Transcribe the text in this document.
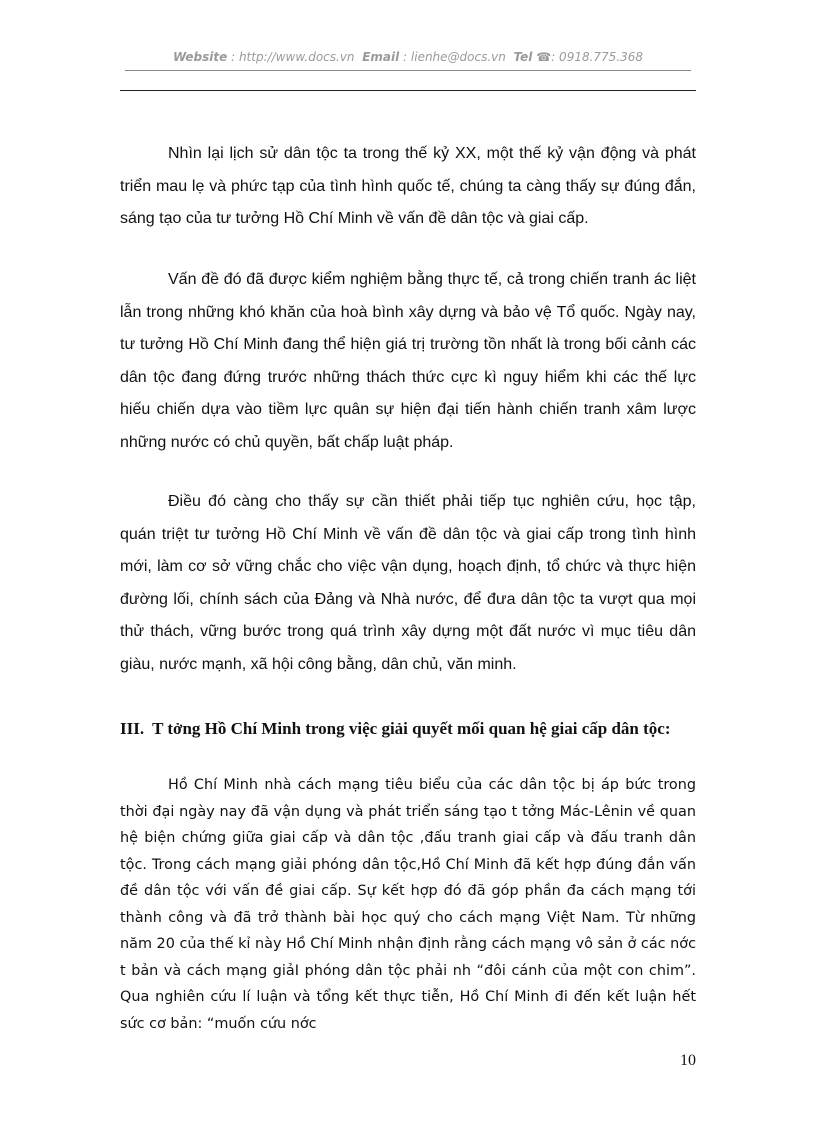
Website : http://www.docs.vn Email : lienhe@docs.vn Tel ☎: 0918.775.368

Nhìn lại lịch sử dân tộc ta trong thế kỷ XX, một thế kỷ vận động và phát triển mau lẹ và phức tạp của tình hình quốc tế, chúng ta càng thấy sự đúng đắn, sáng tạo của tư tưởng Hồ Chí Minh về vấn đề dân tộc và giai cấp.

Vấn đề đó đã được kiểm nghiệm bằng thực tế, cả trong chiến tranh ác liệt lẫn trong những khó khăn của hoà bình xây dựng và bảo vệ Tổ quốc. Ngày nay, tư tưởng Hồ Chí Minh đang thể hiện giá trị trường tồn nhất là trong bối cảnh các dân tộc đang đứng trước những thách thức cực kì nguy hiểm khi các thế lực hiếu chiến dựa vào tiềm lực quân sự hiện đại tiến hành chiến tranh xâm lược những nước có chủ quyền, bất chấp luật pháp.

Điều đó càng cho thấy sự cần thiết phải tiếp tục nghiên cứu, học tập, quán triệt tư tưởng Hồ Chí Minh về vấn đề dân tộc và giai cấp trong tình hình mới, làm cơ sở vững chắc cho việc vận dụng, hoạch định, tổ chức và thực hiện đường lối, chính sách của Đảng và Nhà nước, để đưa dân tộc ta vượt qua mọi thử thách, vững bước trong quá trình xây dựng một đất nước vì mục tiêu dân giàu, nước mạnh, xã hội công bằng, dân chủ, văn minh.

III. T tởng Hồ Chí Minh trong việc giải quyết mối quan hệ giai cấp dân tộc:

Hồ Chí Minh nhà cách mạng tiêu biểu của các dân tộc bị áp bức trong thời đại ngày nay đã vận dụng và phát triển sáng tạo t tởng Mác-Lênin về quan hệ biện chứng giữa giai cấp và dân tộc ,đấu tranh giai cấp và đấu tranh dân tộc. Trong cách mạng giải phóng dân tộc,Hồ Chí Minh đã kết hợp đúng đắn vấn đề dân tộc với vấn đề giai cấp. Sự kết hợp đó đã góp phần đa cách mạng tới thành công và đã trở thành bài học quý cho cách mạng Việt Nam. Từ những năm 20 của thế kỉ này Hồ Chí Minh nhận định rằng cách mạng vô sản ở các nớc t bản và cách mạng giảI phóng dân tộc phải nh “đôi cánh của một con chim”. Qua nghiên cứu lí luận và tổng kết thực tiễn, Hồ Chí Minh đi đến kết luận hết sức cơ bản: “muốn cứu nớc

10
